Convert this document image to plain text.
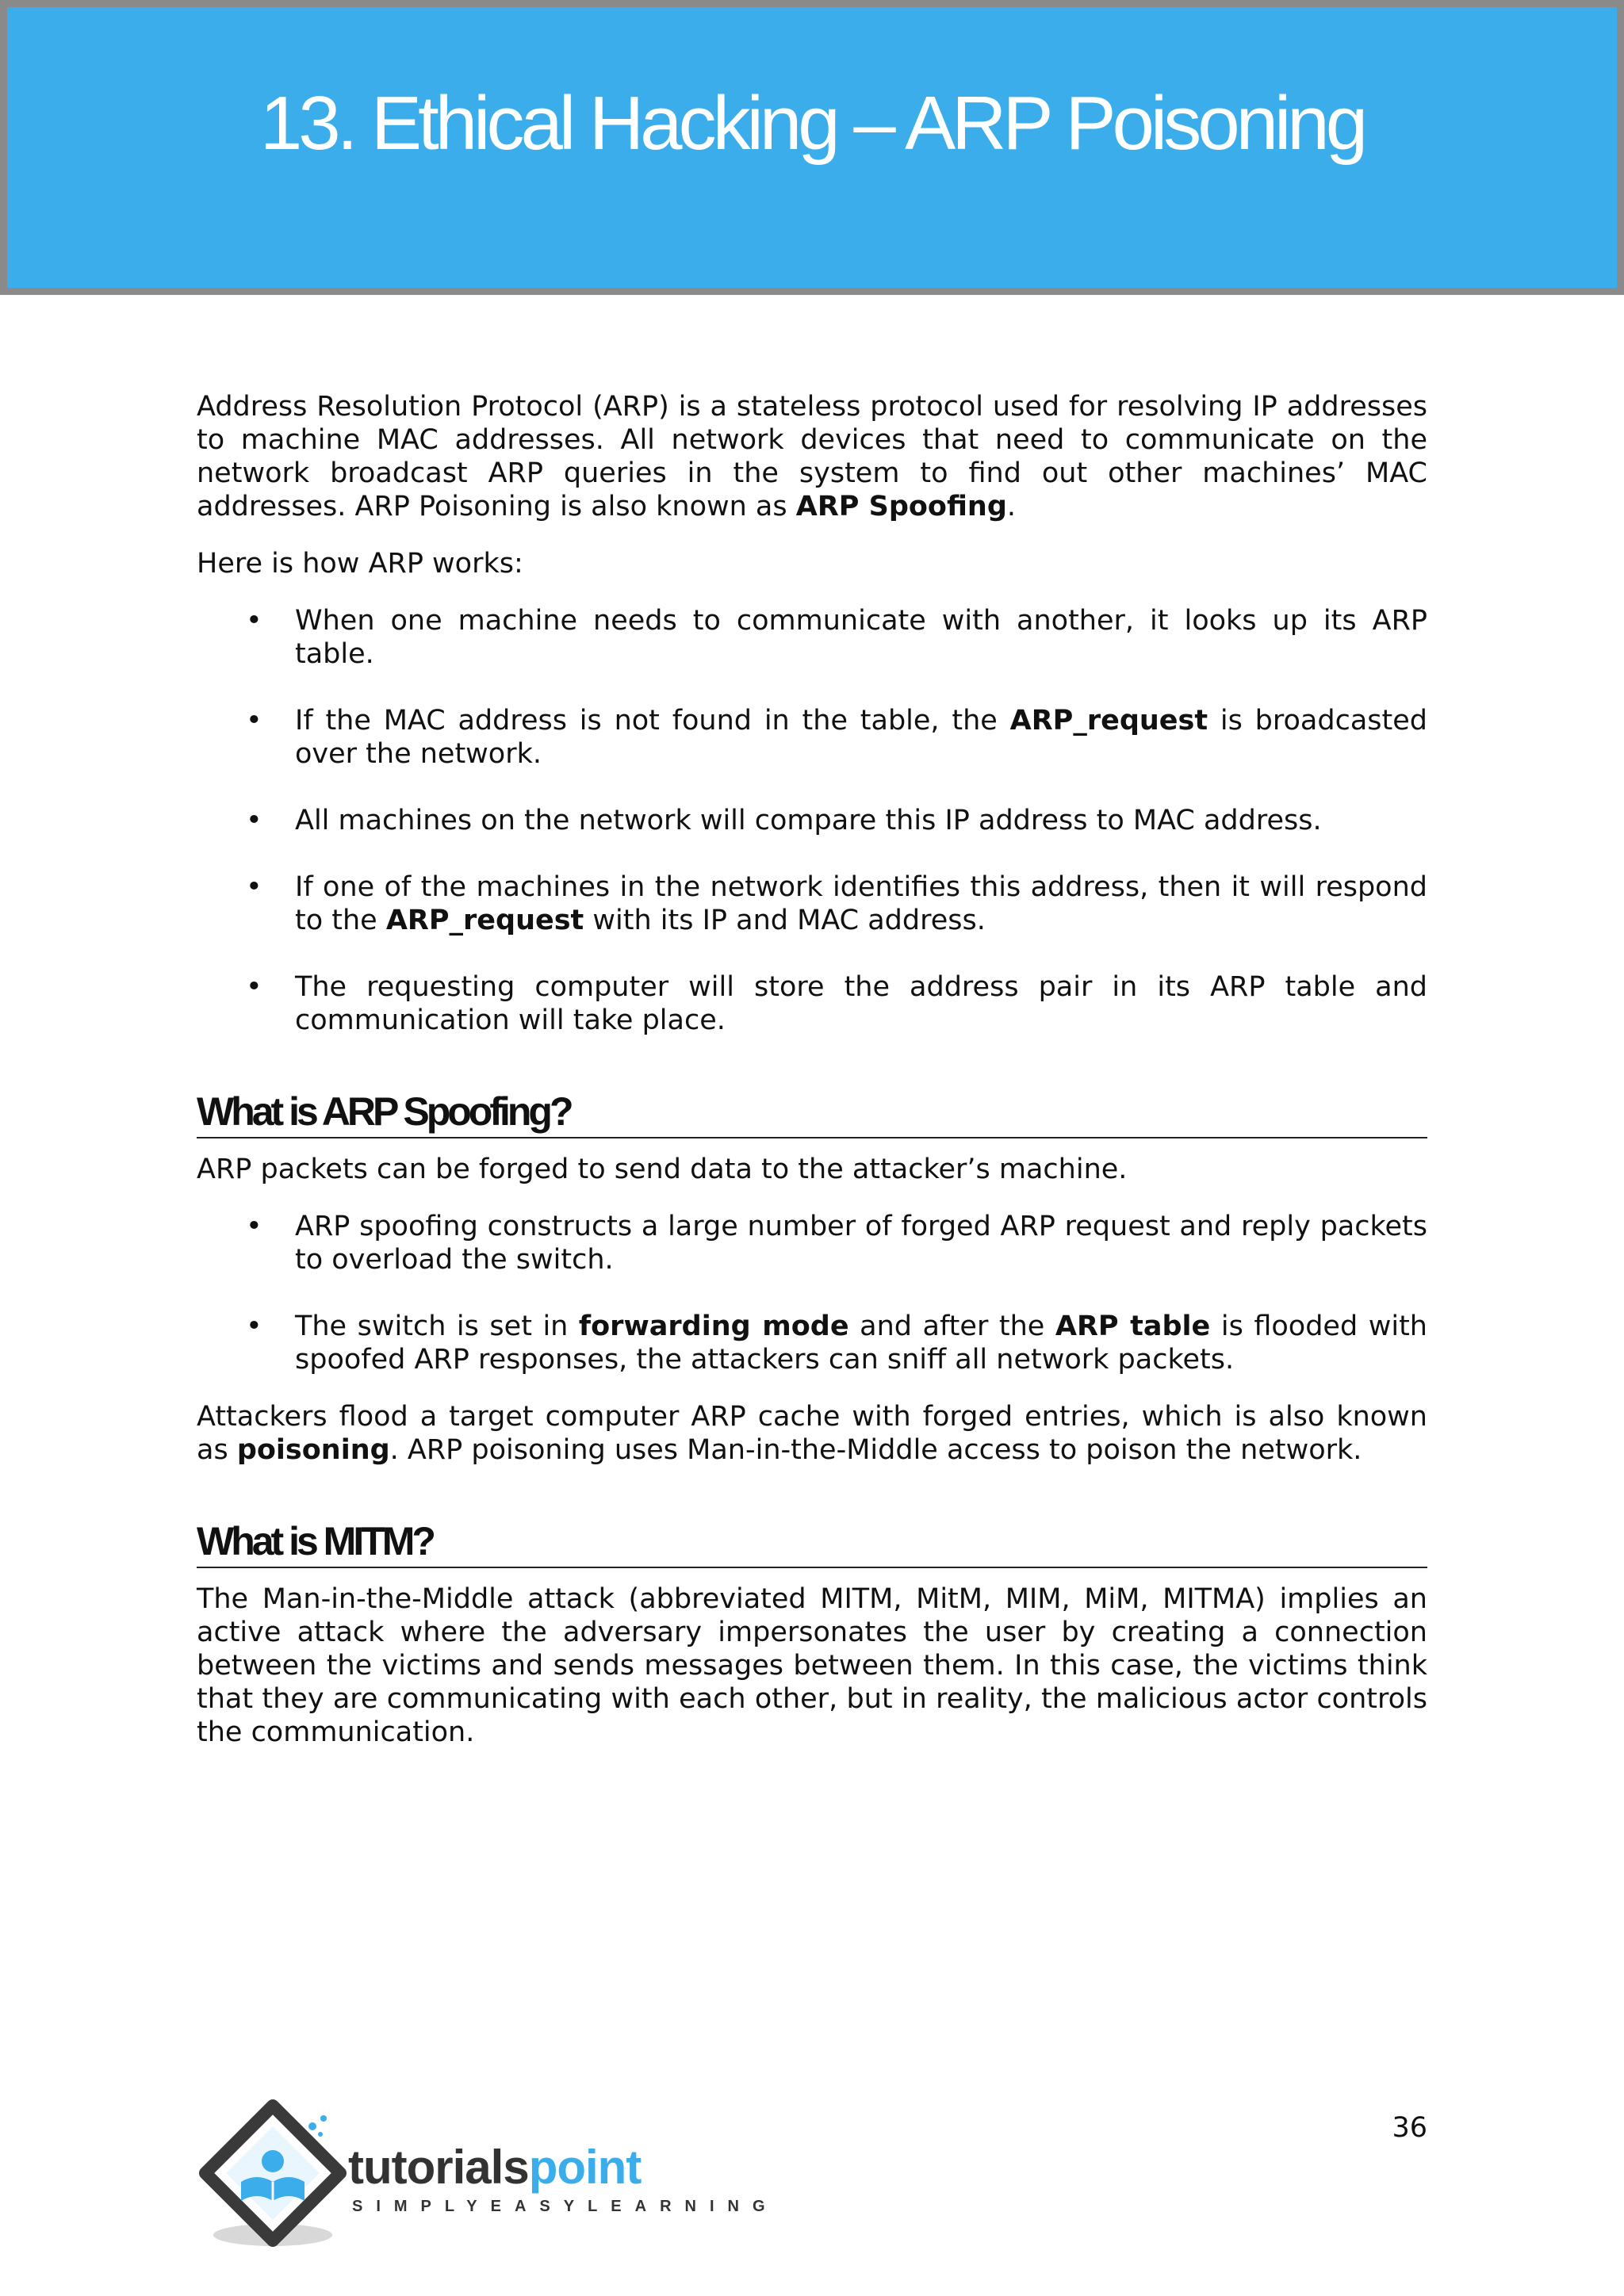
13. Ethical Hacking – ARP Poisoning

Address Resolution Protocol (ARP) is a stateless protocol used for resolving IP addresses to machine MAC addresses. All network devices that need to communicate on the network broadcast ARP queries in the system to find out other machines’ MAC addresses. ARP Poisoning is also known as ARP Spoofing.

Here is how ARP works:

• When one machine needs to communicate with another, it looks up its ARP table.
• If the MAC address is not found in the table, the ARP_request is broadcasted over the network.
• All machines on the network will compare this IP address to MAC address.
• If one of the machines in the network identifies this address, then it will respond to the ARP_request with its IP and MAC address.
• The requesting computer will store the address pair in its ARP table and communication will take place.
What is ARP Spoofing?

ARP packets can be forged to send data to the attacker’s machine.

• ARP spoofing constructs a large number of forged ARP request and reply packets to overload the switch.
• The switch is set in forwarding mode and after the ARP table is flooded with spoofed ARP responses, the attackers can sniff all network packets.

Attackers flood a target computer ARP cache with forged entries, which is also known as poisoning. ARP poisoning uses Man-in-the-Middle access to poison the network.

What is MITM?

The Man-in-the-Middle attack (abbreviated MITM, MitM, MIM, MiM, MITMA) implies an active attack where the adversary impersonates the user by creating a connection between the victims and sends messages between them. In this case, the victims think that they are communicating with each other, but in reality, the malicious actor controls the communication.

36
tutorialspoint
SIMPLYEASYLEARNING
